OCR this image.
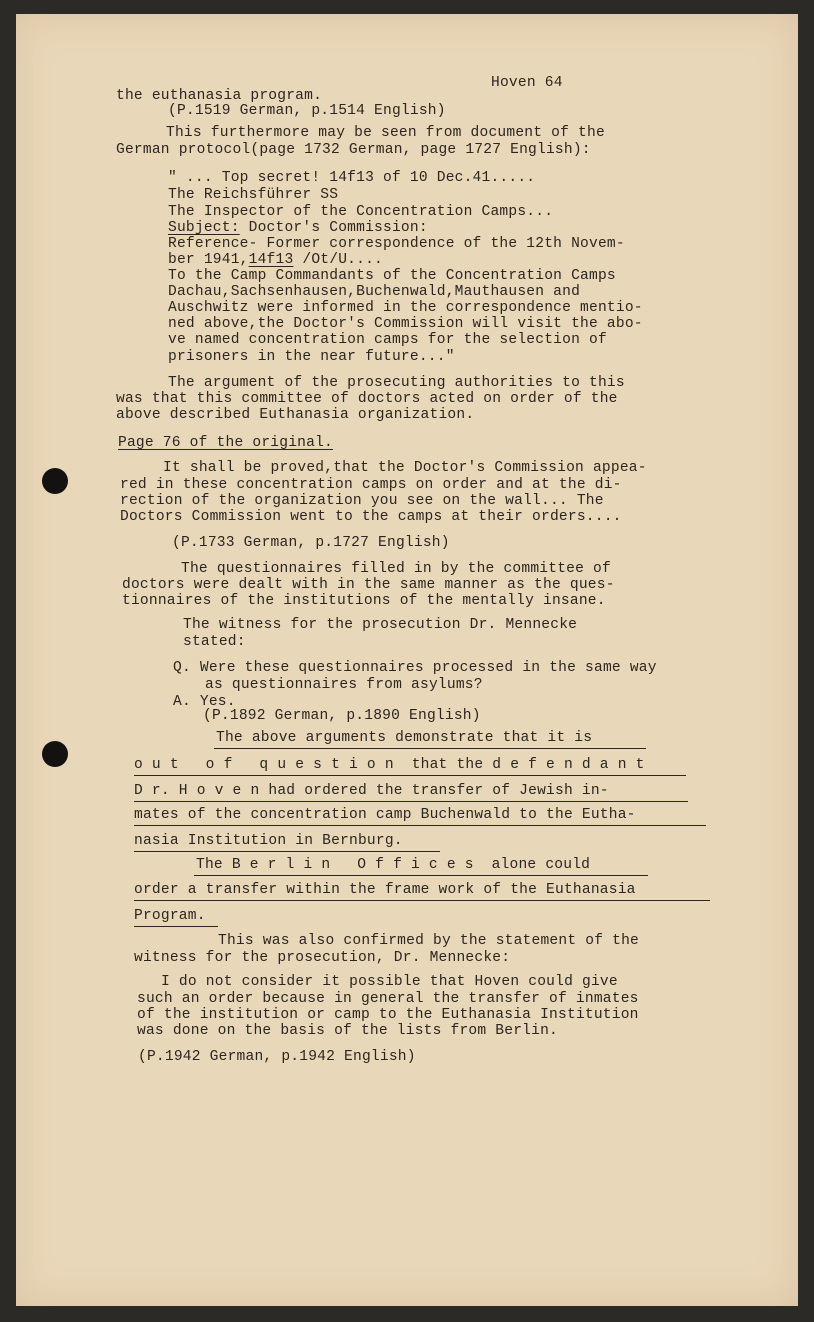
Hoven 64
the euthanasia program.
(P.1519 German, p.1514 English)
This furthermore may be seen from document of the
German protocol(page 1732 German, page 1727 English):
" ... Top secret! 14f13 of 10 Dec.41.....
The Reichsführer SS
The Inspector of the Concentration Camps...
Subject: Doctor's Commission:
Reference- Former correspondence of the 12th Novem-
ber 1941,14f13 /Ot/U....
To the Camp Commandants of the Concentration Camps
Dachau,Sachsenhausen,Buchenwald,Mauthausen and
Auschwitz were informed in the correspondence mentio-
ned above,the Doctor's Commission will visit the abo-
ve named concentration camps for the selection of
prisoners in the near future..."
The argument of the prosecuting authorities to this
was that this committee of doctors acted on order of the
above described Euthanasia organization.
Page 76 of the original.
It shall be proved,that the Doctor's Commission appea-
red in these concentration camps on order and at the di-
rection of the organization you see on the wall... The
Doctors Commission went to the camps at their orders....
(P.1733 German, p.1727 English)
The questionnaires filled in by the committee of
doctors were dealt with in the same manner as the ques-
tionnaires of the institutions of the mentally insane.
The witness for the prosecution Dr. Mennecke
stated:
Q. Were these questionnaires processed in the same way
as questionnaires from asylums?
A. Yes.
(P.1892 German, p.1890 English)
The above arguments demonstrate that it is
o u t   o f   q u e s t i o n  that the d e f e n d a n t
D r. H o v e n had ordered the transfer of Jewish in-
mates of the concentration camp Buchenwald to the Eutha-
nasia Institution in Bernburg.
The B e r l i n   O f f i c e s  alone could
order a transfer within the frame work of the Euthanasia
Program.
This was also confirmed by the statement of the
witness for the prosecution, Dr. Mennecke:
I do not consider it possible that Hoven could give
such an order because in general the transfer of inmates
of the institution or camp to the Euthanasia Institution
was done on the basis of the lists from Berlin.
(P.1942 German, p.1942 English)
